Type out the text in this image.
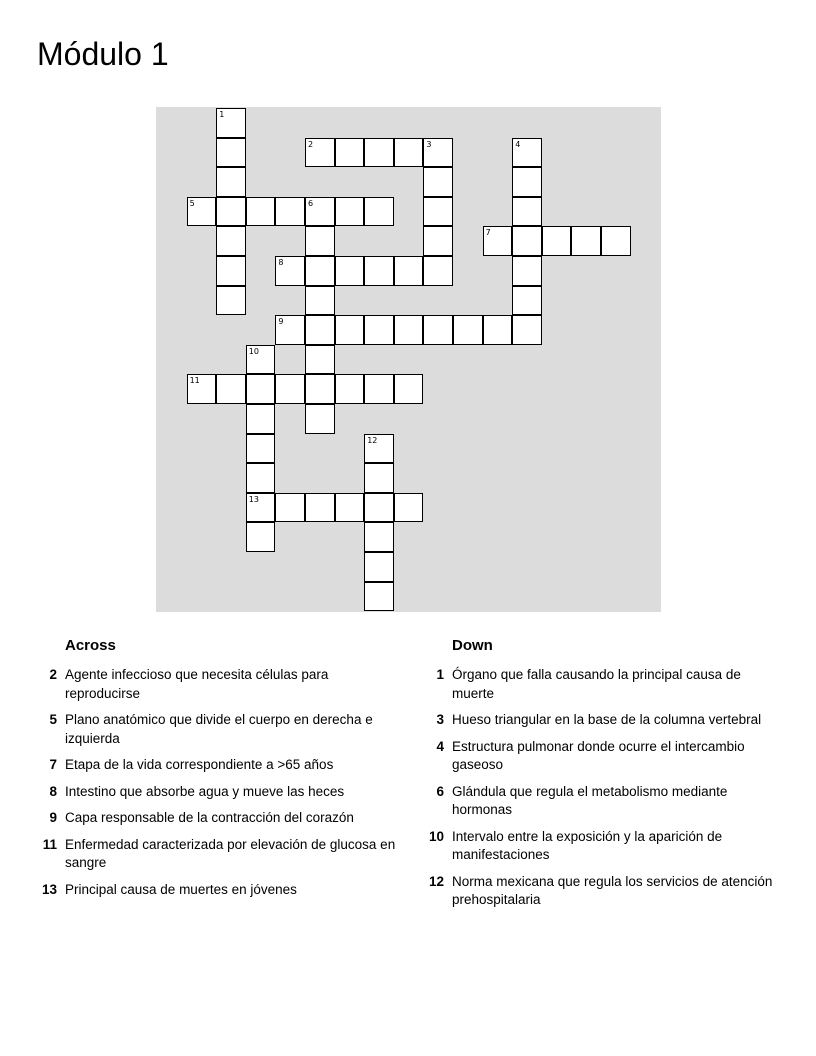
Módulo 1
1
2	3	4
5	6
7
8
9
10
13
11
12
Across
2 Agente infeccioso que necesita células para reproducirse
5 Plano anatómico que divide el cuerpo en derecha e izquierda
7 Etapa de la vida correspondiente a >65 años
8 Intestino que absorbe agua y mueve las heces
9 Capa responsable de la contracción del corazón
11 Enfermedad caracterizada por elevación de glucosa en sangre
13 Principal causa de muertes en jóvenes
Down
1 Órgano que falla causando la principal causa de muerte
3 Hueso triangular en la base de la columna vertebral
4 Estructura pulmonar donde ocurre el intercambio gaseoso
6 Glándula que regula el metabolismo mediante hormonas
10 Intervalo entre la exposición y la aparición de manifestaciones
12 Norma mexicana que regula los servicios de atención prehospitalaria
